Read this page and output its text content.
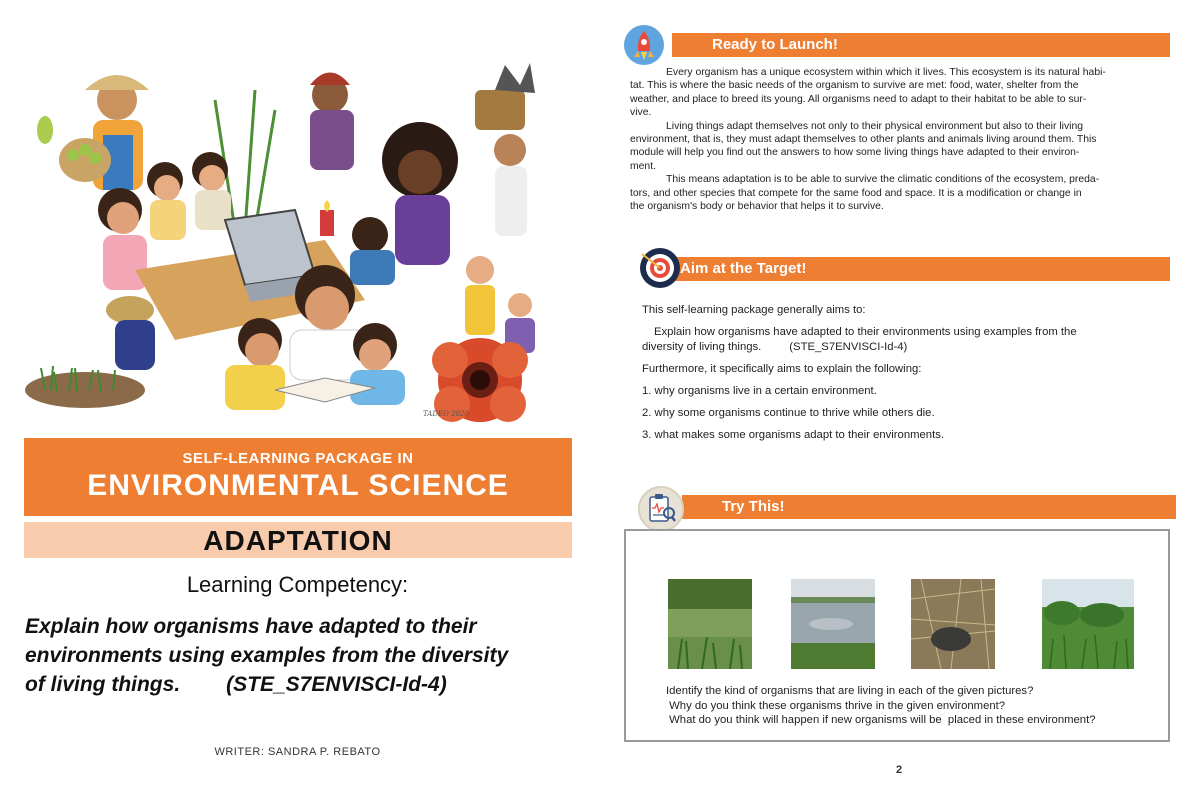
TADEO 2020
SELF-LEARNING PACKAGE IN
ENVIRONMENTAL SCIENCE
ADAPTATION
Learning Competency:
Explain how organisms have adapted to their
environments using examples from the diversity
of living things. (STE_S7ENVISCI-Id-4)
WRITER: SANDRA P. REBATO
Ready to Launch!

Every organism has a unique ecosystem within which it lives. This ecosystem is its natural habi-
tat. This is where the basic needs of the organism to survive are met: food, water, shelter from the
weather, and place to breed its young. All organisms need to adapt to their habitat to be able to sur-
vive.

Living things adapt themselves not only to their physical environment but also to their living
environment, that is, they must adapt themselves to other plants and animals living around them. This
module will help you find out the answers to how some living things have adapted to their environ-
ment.

This means adaptation is to be able to survive the climatic conditions of the ecosystem, preda-
tors, and other species that compete for the same food and space. It is a modification or change in
the organism's body or behavior that helps it to survive.

Aim at the Target!
This self-learning package generally aims to:
Explain how organisms have adapted to their environments using examples from the
diversity of living things. (STE_S7ENVISCI-Id-4)
Furthermore, it specifically aims to explain the following:
1. why organisms live in a certain environment.
2. why some organisms continue to thrive while others die.
3. what makes some organisms adapt to their environments.
Try This!
Identify the kind of organisms that are living in each of the given pictures?
Why do you think these organisms thrive in the given environment?
What do you think will happen if new organisms will be  placed in these environment?
2
